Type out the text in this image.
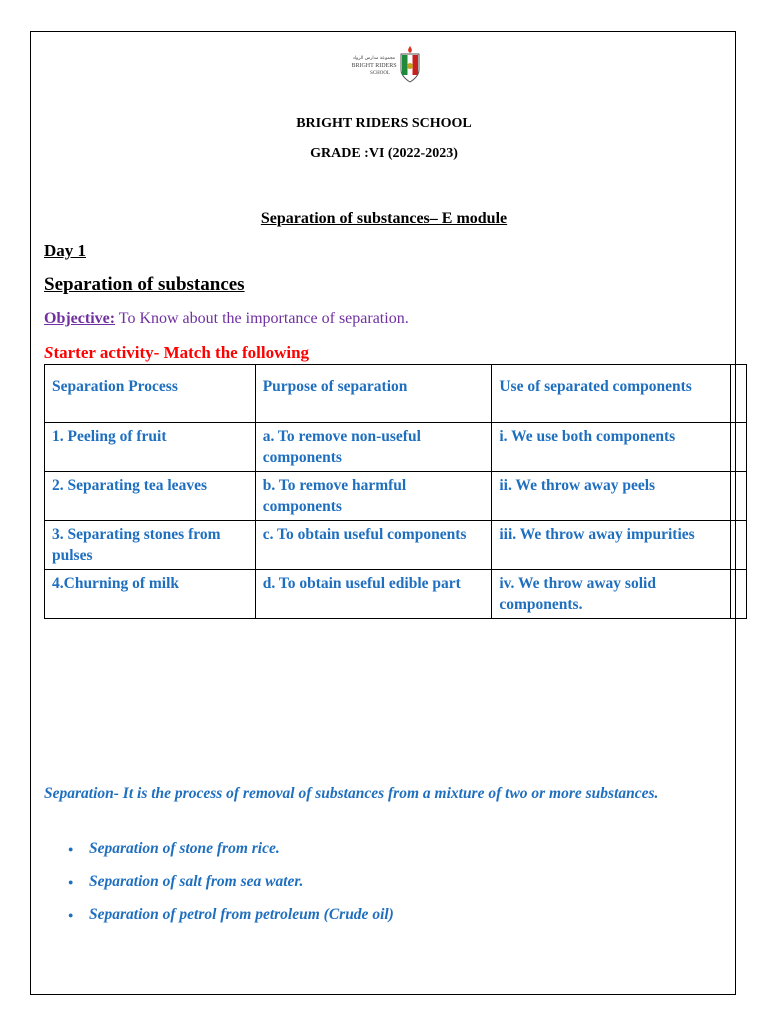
مجموعة مدارس الرواد
BRIGHT RIDERS
SCHOOL
BRIGHT RIDERS SCHOOL
GRADE :VI (2022-2023)
Separation of substances– E module
Day 1
Separation of substances
Objective: To Know about the importance of separation.
Starter activity- Match the following
Separation Process	Purpose of separation	Use of separated components	
1. Peeling of fruit	a. To remove non-useful components	i. We use both components	
2. Separating tea leaves	b. To remove harmful components	ii. We throw away peels	
3. Separating stones from pulses	c. To obtain useful components	iii. We throw away impurities	
4.Churning of milk	d. To obtain useful edible part	iv. We throw away solid components.	
Separation- It is the process of removal of substances from a mixture of two or more substances.
● Separation of stone from rice.
● Separation of salt from sea water.
● Separation of petrol from petroleum (Crude oil)
